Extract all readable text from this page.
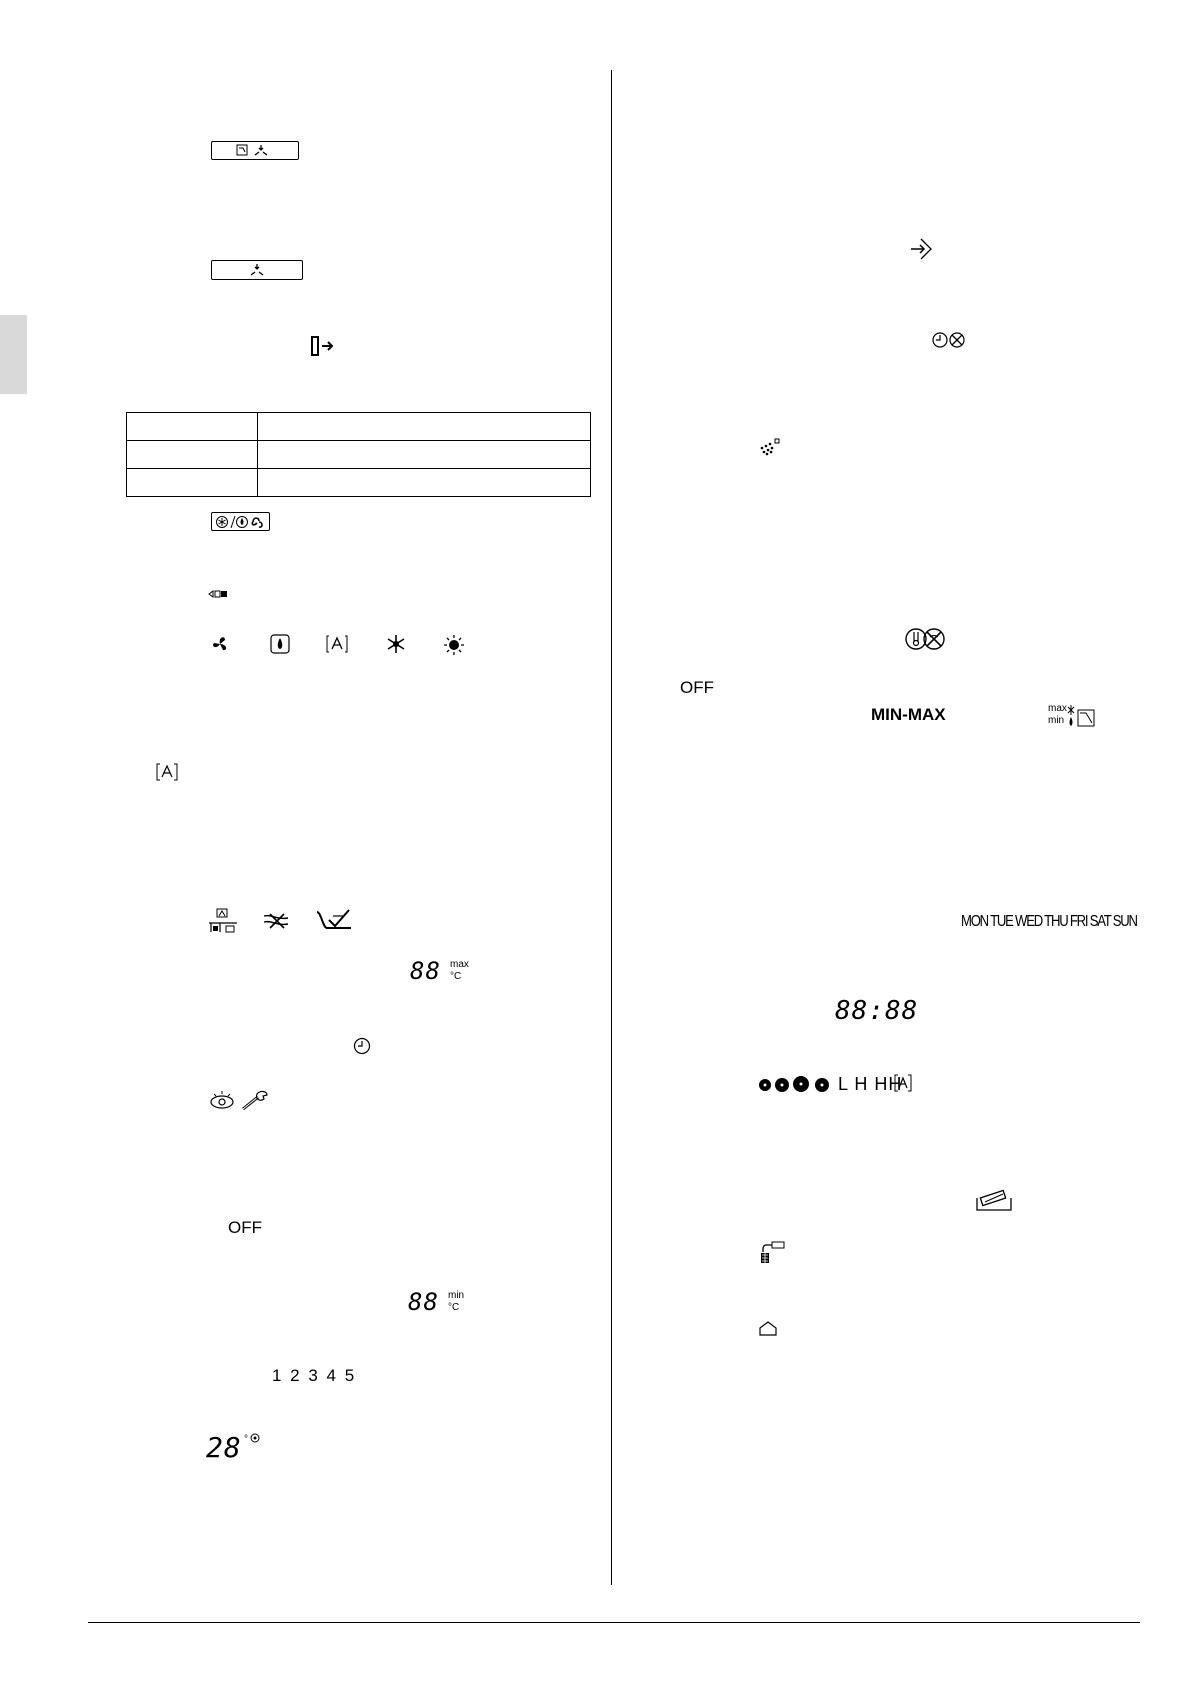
88 max
°C
OFF
88 min
°C
1 2 3 4 5
28 °
OFF
MIN-MAX	max
min
MON TUE WED THU FRI SAT SUN
88:88
L H HH
